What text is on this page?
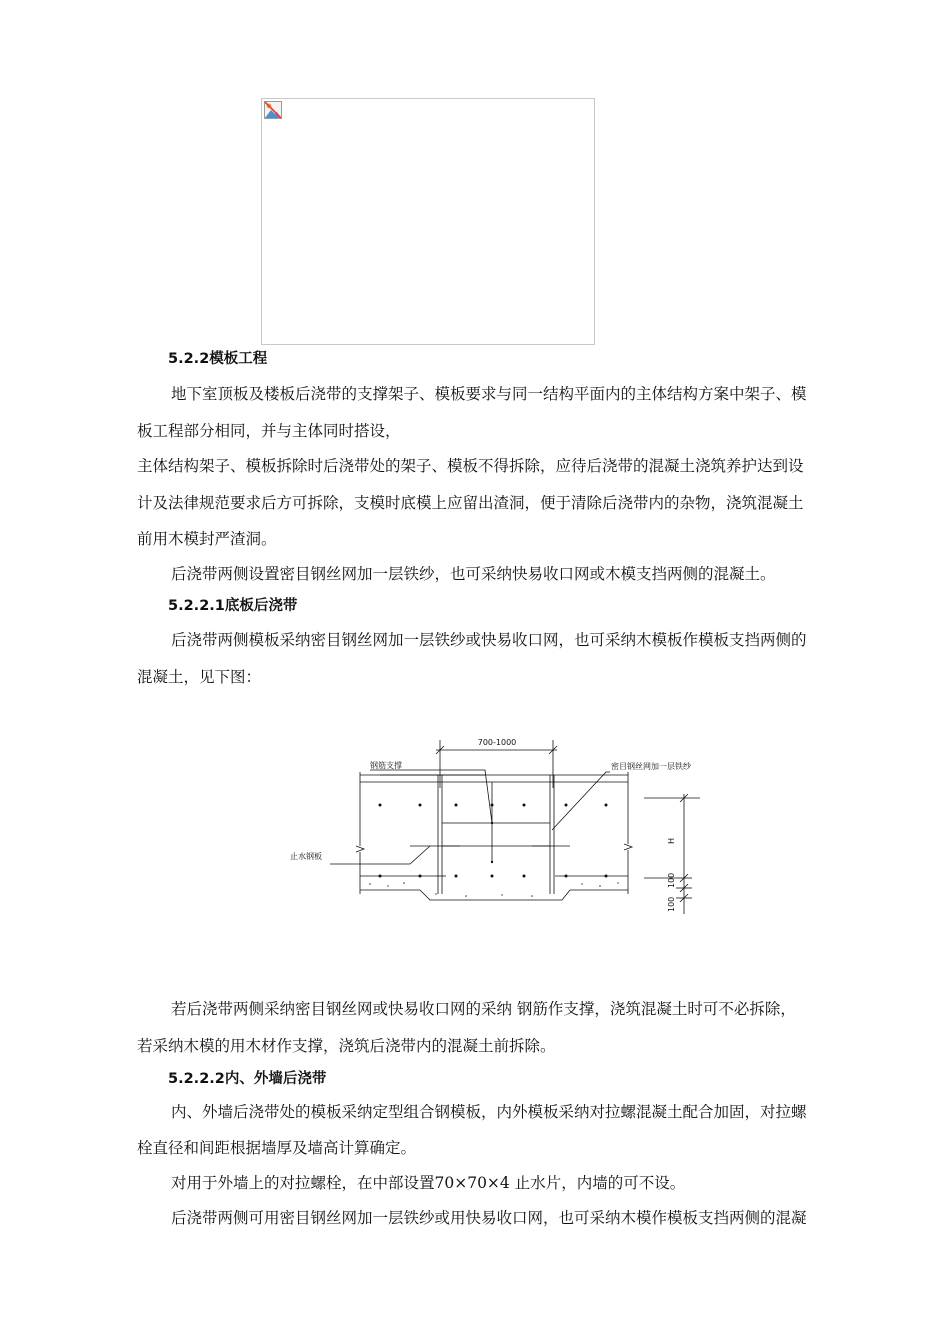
5.2.2模板工程

地下室顶板及楼板后浇带的支撑架子、模板要求与同一结构平面内的主体结构方案中架子、模

板工程部分相同，并与主体同时搭设，

主体结构架子、模板拆除时后浇带处的架子、模板不得拆除，应待后浇带的混凝土浇筑养护达到设

计及法律规范要求后方可拆除，支模时底模上应留出渣洞，便于清除后浇带内的杂物，浇筑混凝土

前用木模封严渣洞。

后浇带两侧设置密目钢丝网加一层铁纱，也可采纳快易收口网或木模支挡两侧的混凝土。

5.2.2.1底板后浇带

后浇带两侧模板采纳密目钢丝网加一层铁纱或快易收口网，也可采纳木模板作模板支挡两侧的

混凝土，见下图：

700-1000
钢筋支撑	密目钢丝网加一层铁纱
止水钢板
H
100
100

若后浇带两侧采纳密目钢丝网或快易收口网的采纳 钢筋作支撑，浇筑混凝土时可不必拆除，

若采纳木模的用木材作支撑，浇筑后浇带内的混凝土前拆除。

5.2.2.2内、外墙后浇带

内、外墙后浇带处的模板采纳定型组合钢模板，内外模板采纳对拉螺混凝土配合加固，对拉螺

栓直径和间距根据墙厚及墙高计算确定。

对用于外墙上的对拉螺栓，在中部设置70×70×4 止水片，内墙的可不设。

后浇带两侧可用密目钢丝网加一层铁纱或用快易收口网，也可采纳木模作模板支挡两侧的混凝
